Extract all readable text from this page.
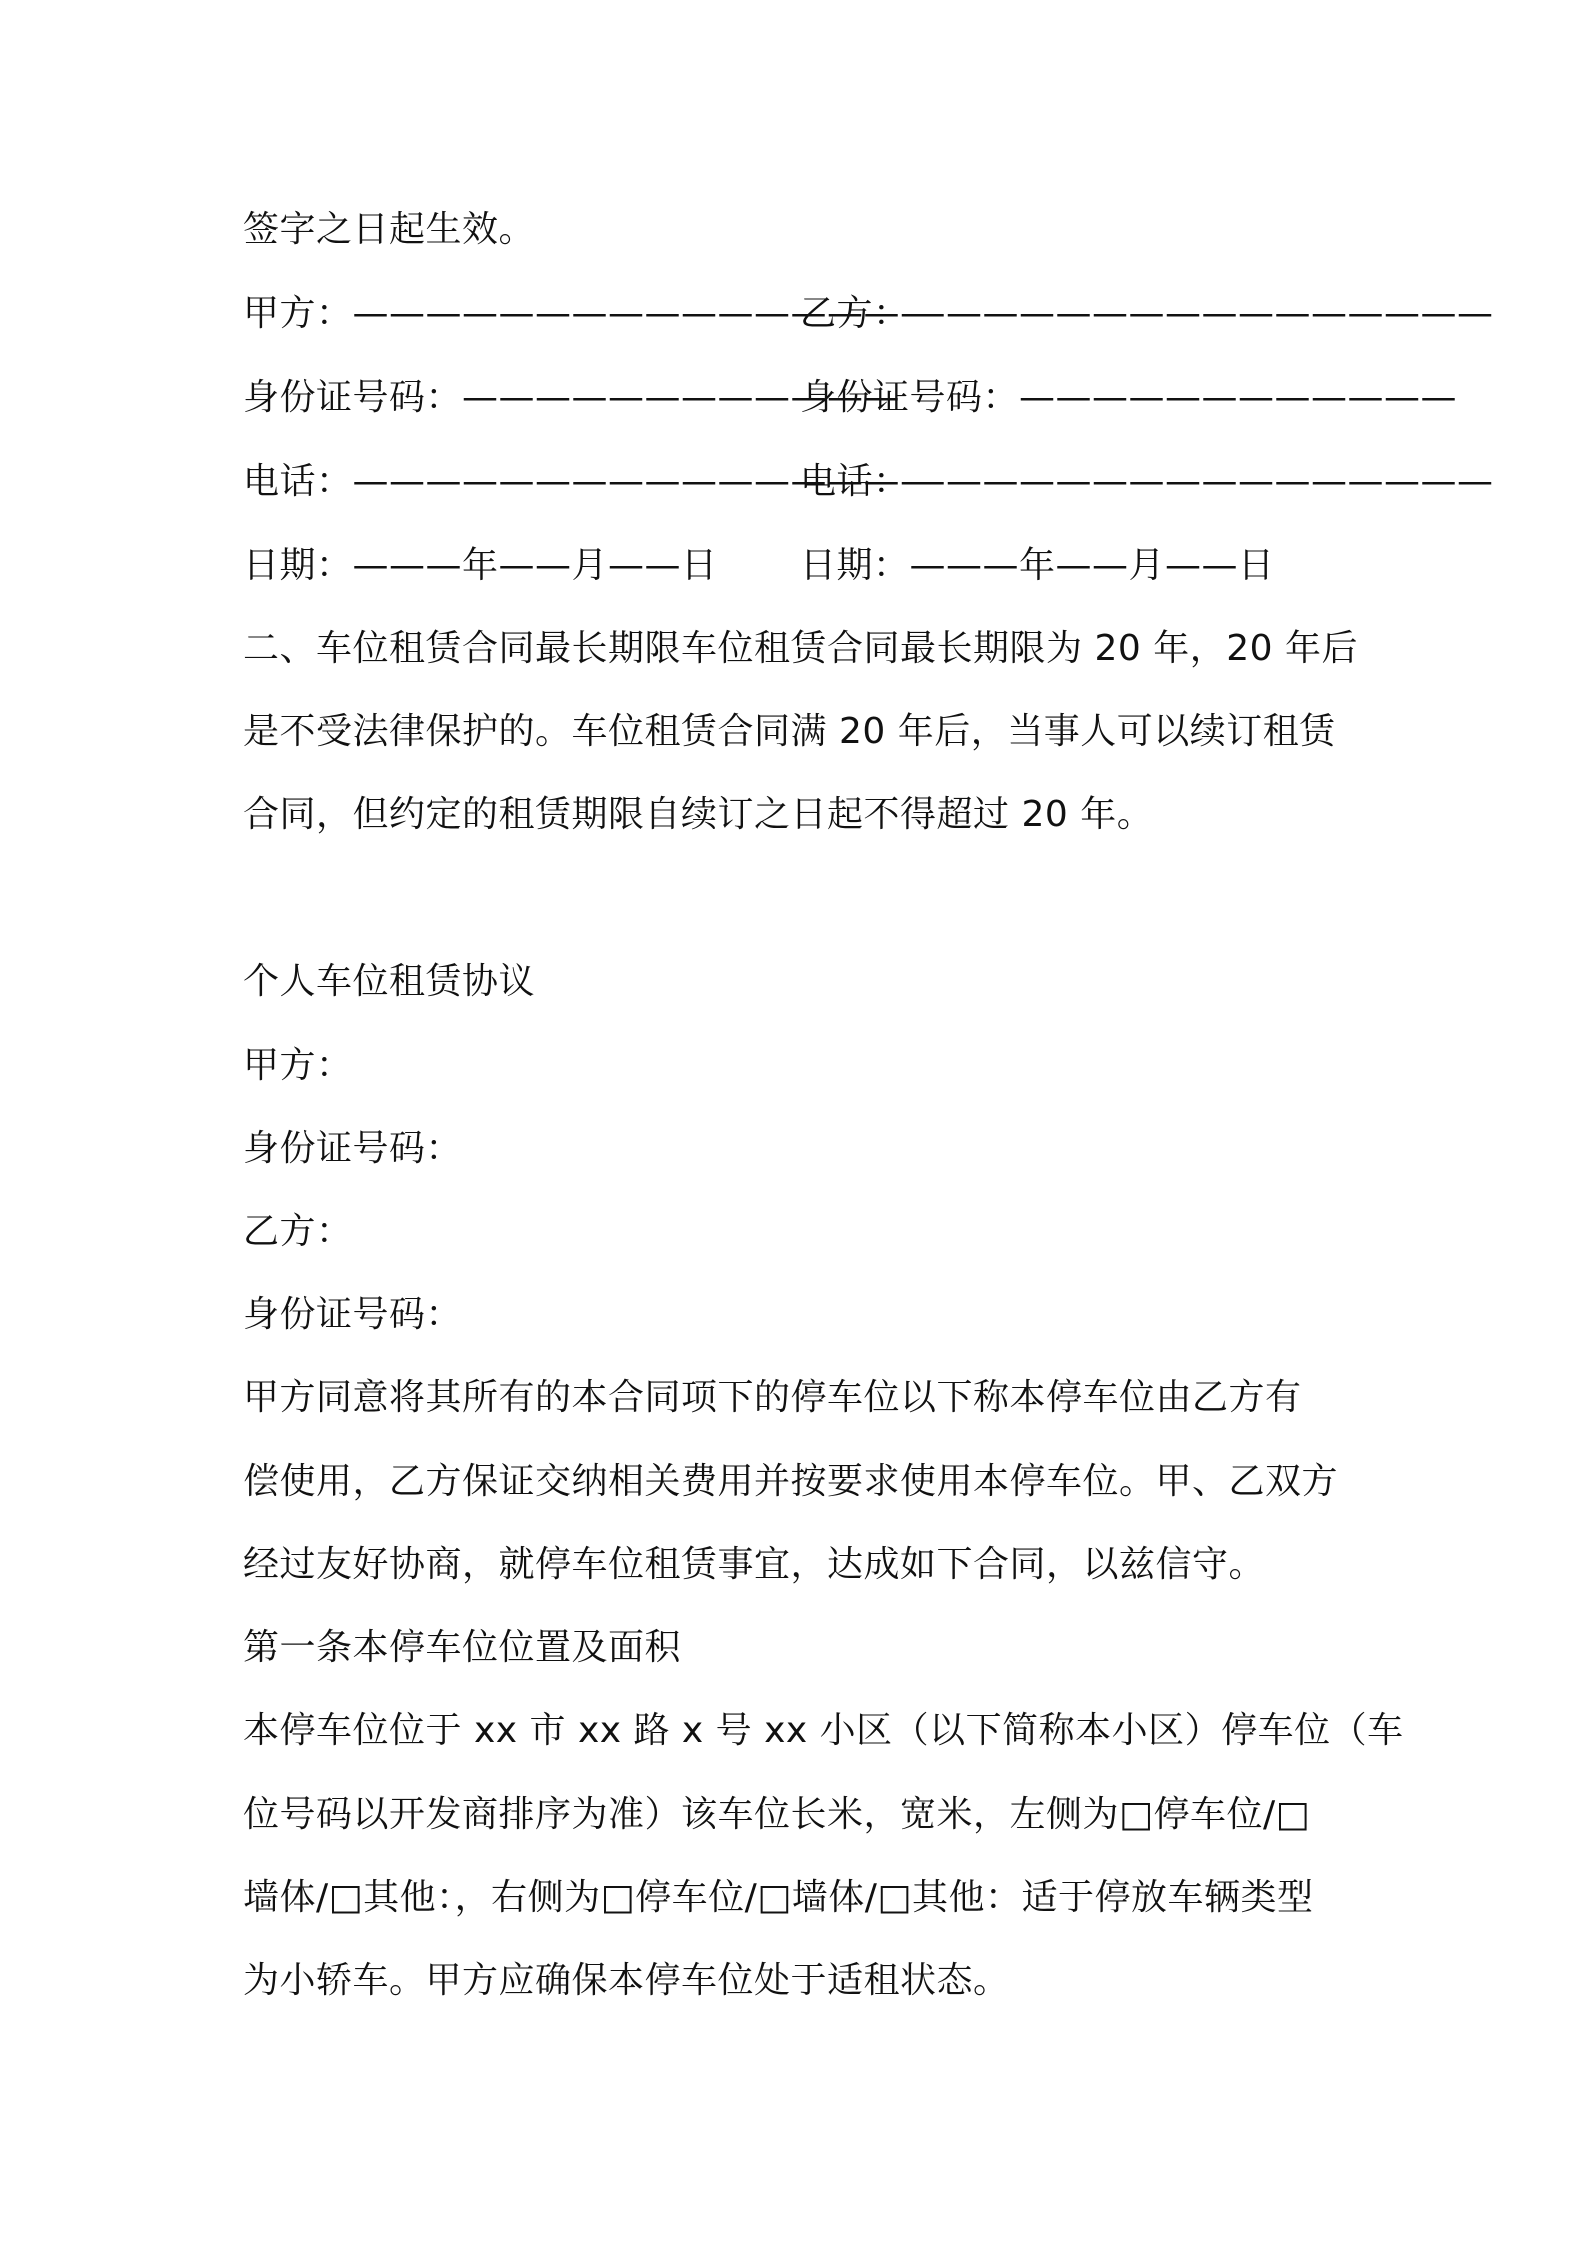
签字之日起生效。
甲方：————————————————
乙方：————————————————
身份证号码：————————————
身份证号码：————————————
电话：————————————————
电话：————————————————
日期：———年——月——日 日期：———年——月——日
二、车位租赁合同最长期限车位租赁合同最长期限为 20 年，20 年后
是不受法律保护的。车位租赁合同满 20 年后，当事人可以续订租赁
合同，但约定的租赁期限自续订之日起不得超过 20 年。
个人车位租赁协议
甲方：
身份证号码：
乙方：
身份证号码：
甲方同意将其所有的本合同项下的停车位以下称本停车位由乙方有
偿使用，乙方保证交纳相关费用并按要求使用本停车位。甲、乙双方
经过友好协商，就停车位租赁事宜，达成如下合同，以兹信守。
第一条本停车位位置及面积
本停车位位于 xx 市 xx 路 x 号 xx 小区（以下简称本小区）停车位（车
位号码以开发商排序为准）该车位长米，宽米，左侧为□停车位/□
墙体/□其他：，右侧为□停车位/□墙体/□其他：适于停放车辆类型
为小轿车。甲方应确保本停车位处于适租状态。
